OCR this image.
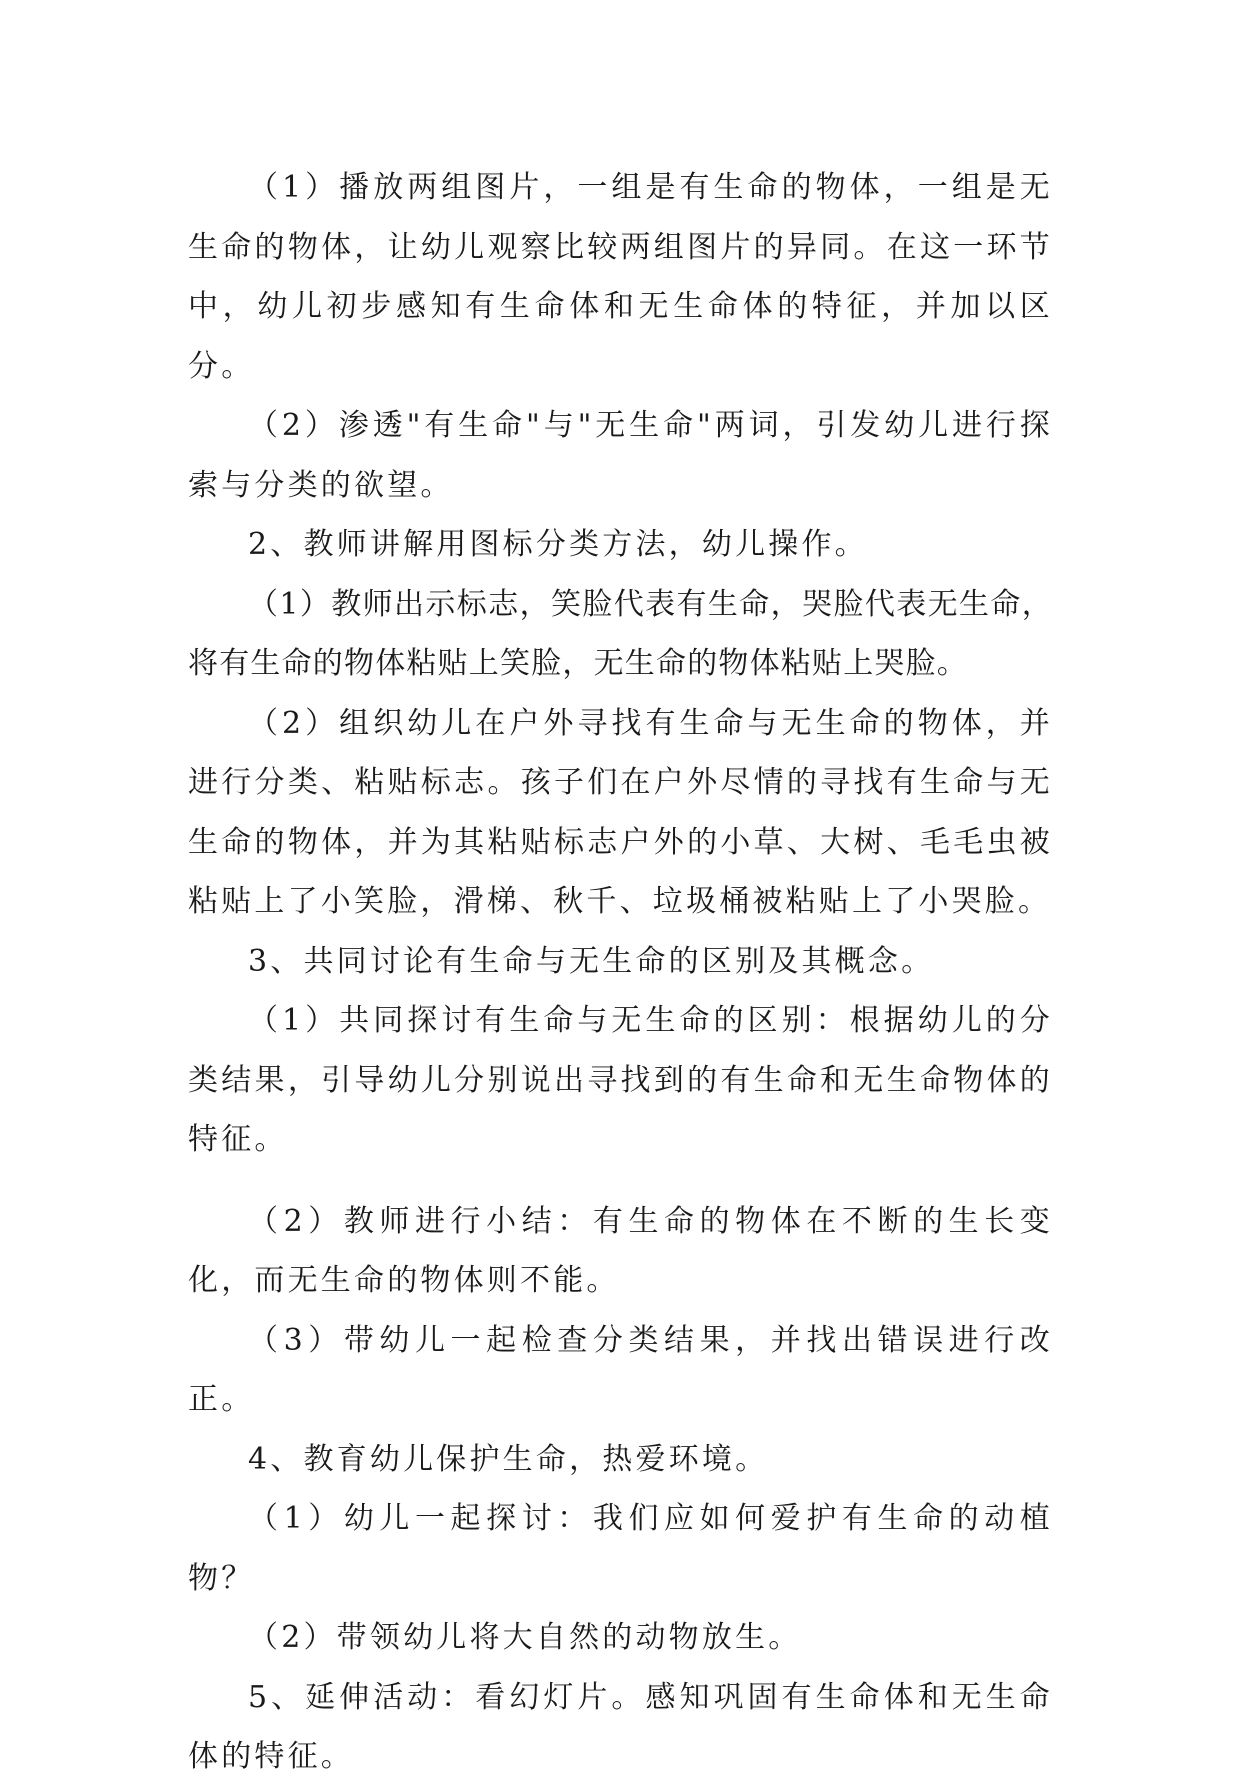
（1）播放两组图片，一组是有生命的物体，一组是无生命的物体，让幼儿观察比较两组图片的异同。在这一环节中，幼儿初步感知有生命体和无生命体的特征，并加以区分。

（2）渗透"有生命"与"无生命"两词，引发幼儿进行探索与分类的欲望。

2、教师讲解用图标分类方法，幼儿操作。

（1）教师出示标志，笑脸代表有生命，哭脸代表无生命，将有生命的物体粘贴上笑脸，无生命的物体粘贴上哭脸。

（2）组织幼儿在户外寻找有生命与无生命的物体，并进行分类、粘贴标志。孩子们在户外尽情的寻找有生命与无生命的物体，并为其粘贴标志户外的小草、大树、毛毛虫被粘贴上了小笑脸，滑梯、秋千、垃圾桶被粘贴上了小哭脸。

3、共同讨论有生命与无生命的区别及其概念。

（1）共同探讨有生命与无生命的区别：根据幼儿的分类结果，引导幼儿分别说出寻找到的有生命和无生命物体的特征。

（2）教师进行小结：有生命的物体在不断的生长变化，而无生命的物体则不能。

（3）带幼儿一起检查分类结果，并找出错误进行改正。

4、教育幼儿保护生命，热爱环境。

（1）幼儿一起探讨：我们应如何爱护有生命的动植物？

（2）带领幼儿将大自然的动物放生。

5、延伸活动：看幻灯片。感知巩固有生命体和无生命体的特征。
